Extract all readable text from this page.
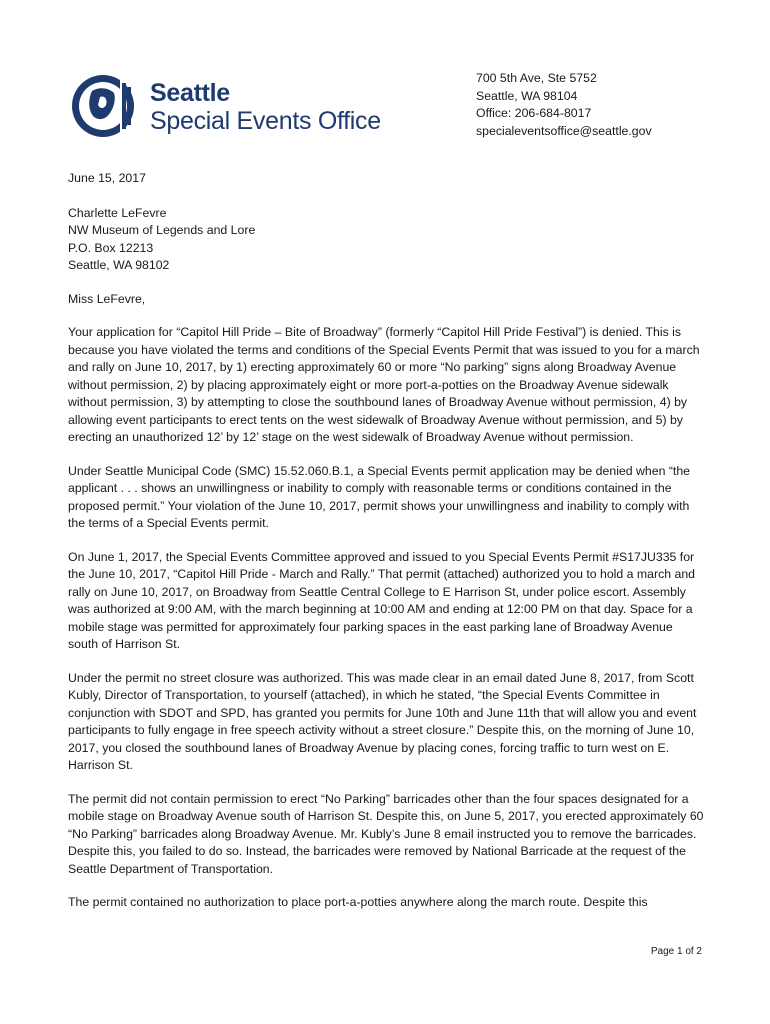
Seattle
Special Events Office
700 5th Ave, Ste 5752
Seattle, WA 98104
Office: 206-684-8017
specialeventsoffice@seattle.gov

June 15, 2017

Charlette LeFevre
NW Museum of Legends and Lore
P.O. Box 12213
Seattle, WA 98102

Miss LeFevre,

Your application for “Capitol Hill Pride – Bite of Broadway” (formerly “Capitol Hill Pride Festival”) is denied. This is because you have violated the terms and conditions of the Special Events Permit that was issued to you for a march and rally on June 10, 2017, by 1) erecting approximately 60 or more “No parking” signs along Broadway Avenue without permission, 2) by placing approximately eight or more port-a-potties on the Broadway Avenue sidewalk without permission, 3) by attempting to close the southbound lanes of Broadway Avenue without permission, 4) by allowing event participants to erect tents on the west sidewalk of Broadway Avenue without permission, and 5) by erecting an unauthorized 12’ by 12’ stage on the west sidewalk of Broadway Avenue without permission.

Under Seattle Municipal Code (SMC) 15.52.060.B.1, a Special Events permit application may be denied when “the applicant . . . shows an unwillingness or inability to comply with reasonable terms or conditions contained in the proposed permit.” Your violation of the June 10, 2017, permit shows your unwillingness and inability to comply with the terms of a Special Events permit.

On June 1, 2017, the Special Events Committee approved and issued to you Special Events Permit #S17JU335 for the June 10, 2017, “Capitol Hill Pride - March and Rally.” That permit (attached) authorized you to hold a march and rally on June 10, 2017, on Broadway from Seattle Central College to E Harrison St, under police escort. Assembly was authorized at 9:00 AM, with the march beginning at 10:00 AM and ending at 12:00 PM on that day. Space for a mobile stage was permitted for approximately four parking spaces in the east parking lane of Broadway Avenue south of Harrison St.

Under the permit no street closure was authorized. This was made clear in an email dated June 8, 2017, from Scott Kubly, Director of Transportation, to yourself (attached), in which he stated, “the Special Events Committee in conjunction with SDOT and SPD, has granted you permits for June 10th and June 11th that will allow you and event participants to fully engage in free speech activity without a street closure.” Despite this, on the morning of June 10, 2017, you closed the southbound lanes of Broadway Avenue by placing cones, forcing traffic to turn west on E. Harrison St.

The permit did not contain permission to erect “No Parking” barricades other than the four spaces designated for a mobile stage on Broadway Avenue south of Harrison St. Despite this, on June 5, 2017, you erected approximately 60 “No Parking” barricades along Broadway Avenue. Mr. Kubly’s June 8 email instructed you to remove the barricades. Despite this, you failed to do so. Instead, the barricades were removed by National Barricade at the request of the Seattle Department of Transportation.

The permit contained no authorization to place port-a-potties anywhere along the march route. Despite this

Page 1 of 2
